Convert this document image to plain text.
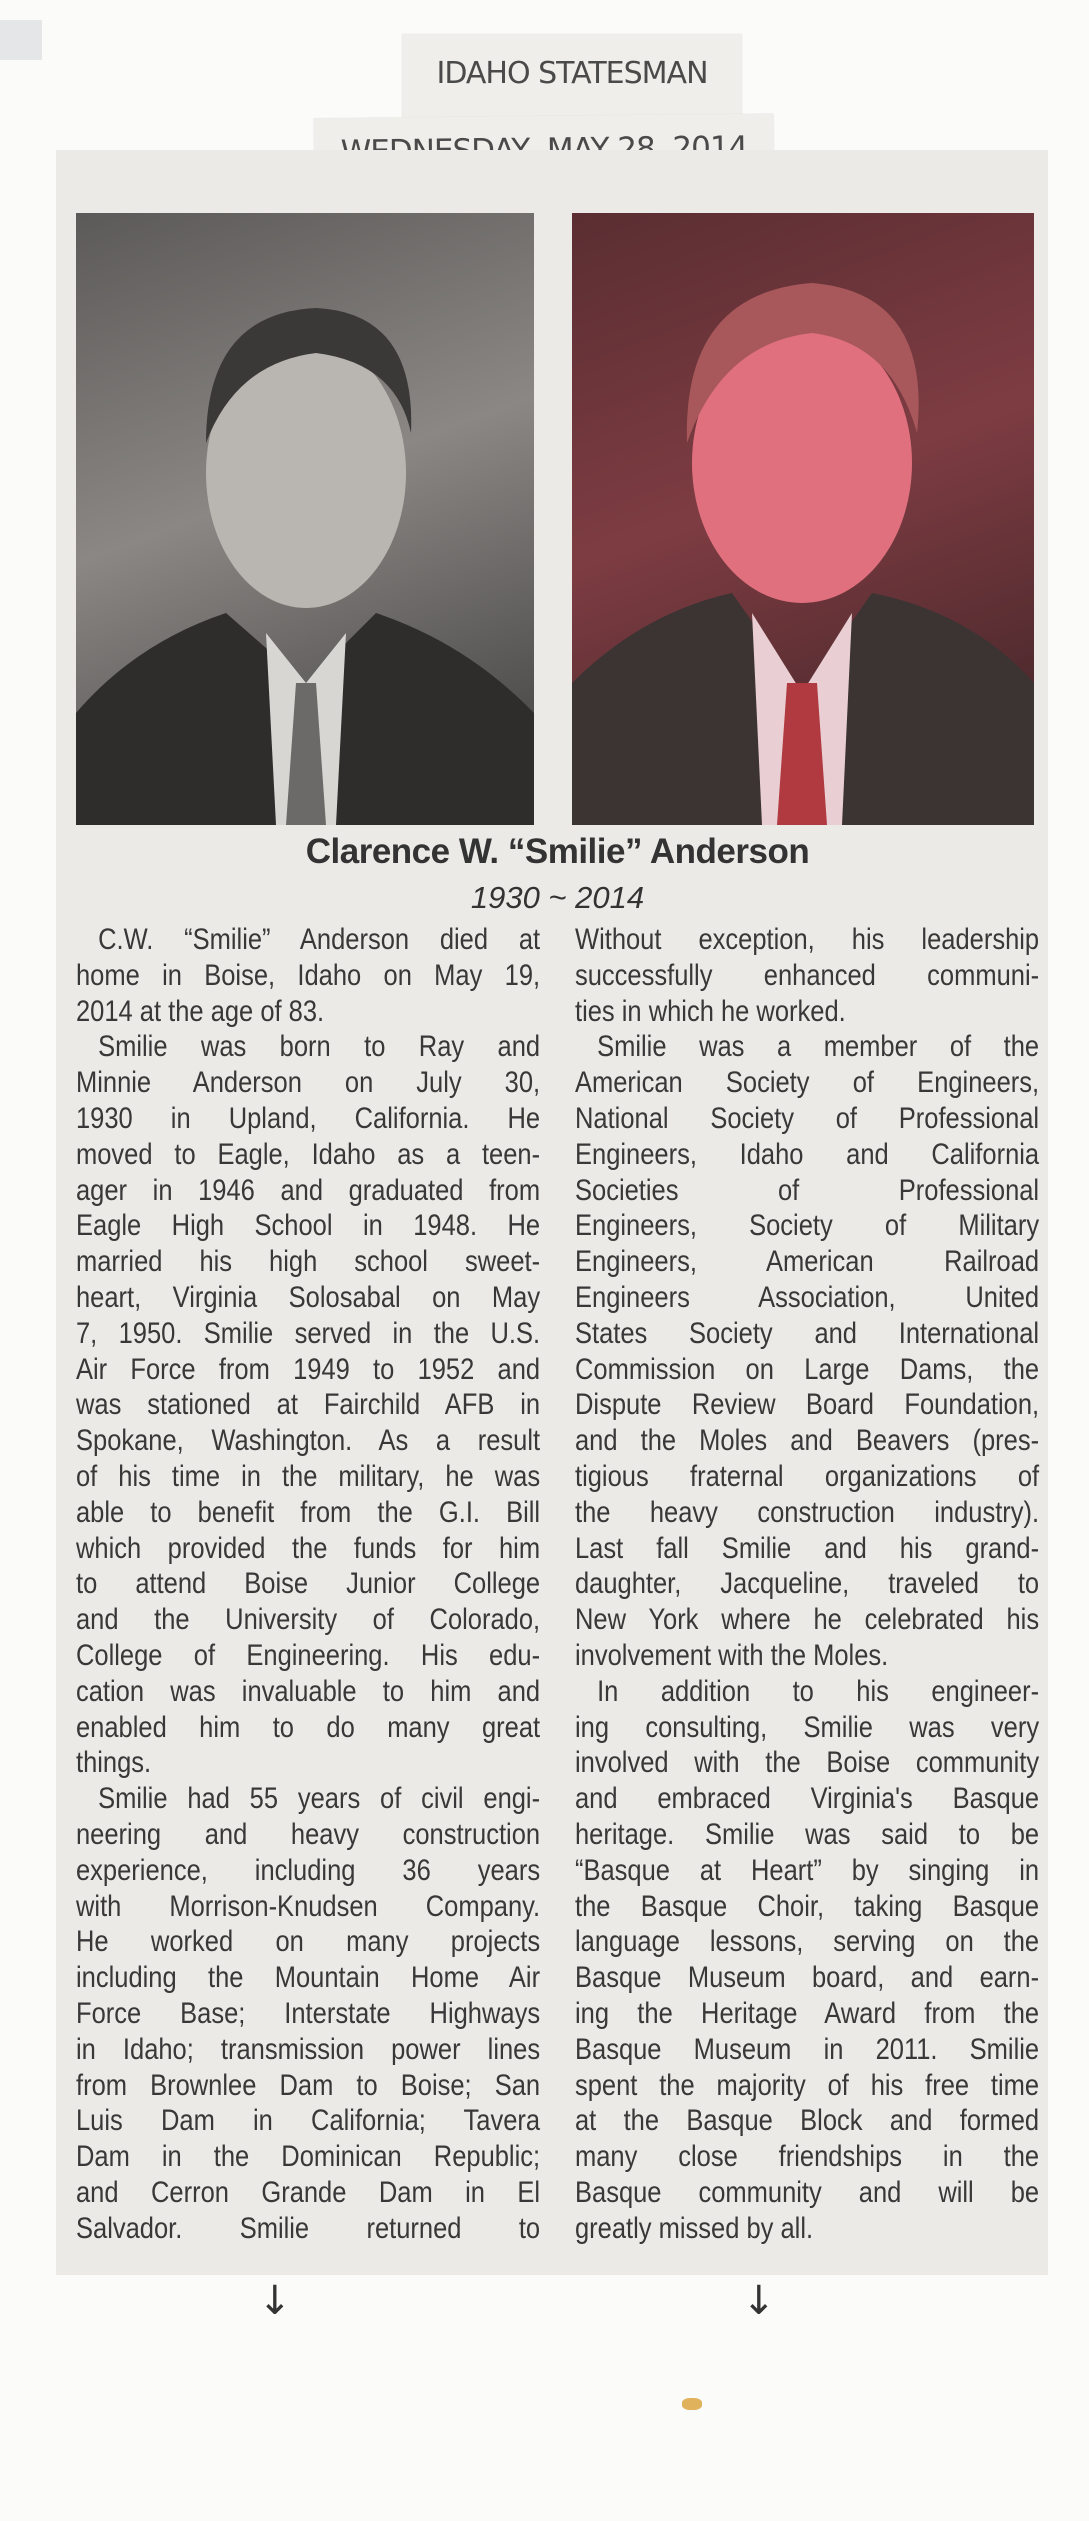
IDAHO STATESMAN
Clarence W. “Smilie” Anderson
1930 ~ 2014
C.W. “Smilie” Anderson died at
home in Boise, Idaho on May 19,
2014 at the age of 83.
Smilie was born to Ray and
Minnie Anderson on July 30,
1930 in Upland, California. He
moved to Eagle, Idaho as a teen-
ager in 1946 and graduated from
Eagle High School in 1948. He
married his high school sweet-
heart, Virginia Solosabal on May
7, 1950. Smilie served in the U.S.
Air Force from 1949 to 1952 and
was stationed at Fairchild AFB in
Spokane, Washington. As a result
of his time in the military, he was
able to benefit from the G.I. Bill
which provided the funds for him
to attend Boise Junior College
and the University of Colorado,
College of Engineering. His edu-
cation was invaluable to him and
enabled him to do many great
things.
Smilie had 55 years of civil engi-
neering and heavy construction
experience, including 36 years
with Morrison-Knudsen Company.
He worked on many projects
including the Mountain Home Air
Force Base; Interstate Highways
in Idaho; transmission power lines
from Brownlee Dam to Boise; San
Luis Dam in California; Tavera
Dam in the Dominican Republic;
and Cerron Grande Dam in El
Salvador. Smilie returned to
Without exception, his leadership
successfully enhanced communi-
ties in which he worked.
Smilie was a member of the
American Society of Engineers,
National Society of Professional
Engineers, Idaho and California
Societies of Professional
Engineers, Society of Military
Engineers, American Railroad
Engineers Association, United
States Society and International
Commission on Large Dams, the
Dispute Review Board Foundation,
and the Moles and Beavers (pres-
tigious fraternal organizations of
the heavy construction industry).
Last fall Smilie and his grand-
daughter, Jacqueline, traveled to
New York where he celebrated his
involvement with the Moles.
In addition to his engineer-
ing consulting, Smilie was very
involved with the Boise community
and embraced Virginia's Basque
heritage. Smilie was said to be
“Basque at Heart” by singing in
the Basque Choir, taking Basque
language lessons, serving on the
Basque Museum board, and earn-
ing the Heritage Award from the
Basque Museum in 2011. Smilie
spent the majority of his free time
at the Basque Block and formed
many close friendships in the
Basque community and will be
greatly missed by all.
↓	↓
